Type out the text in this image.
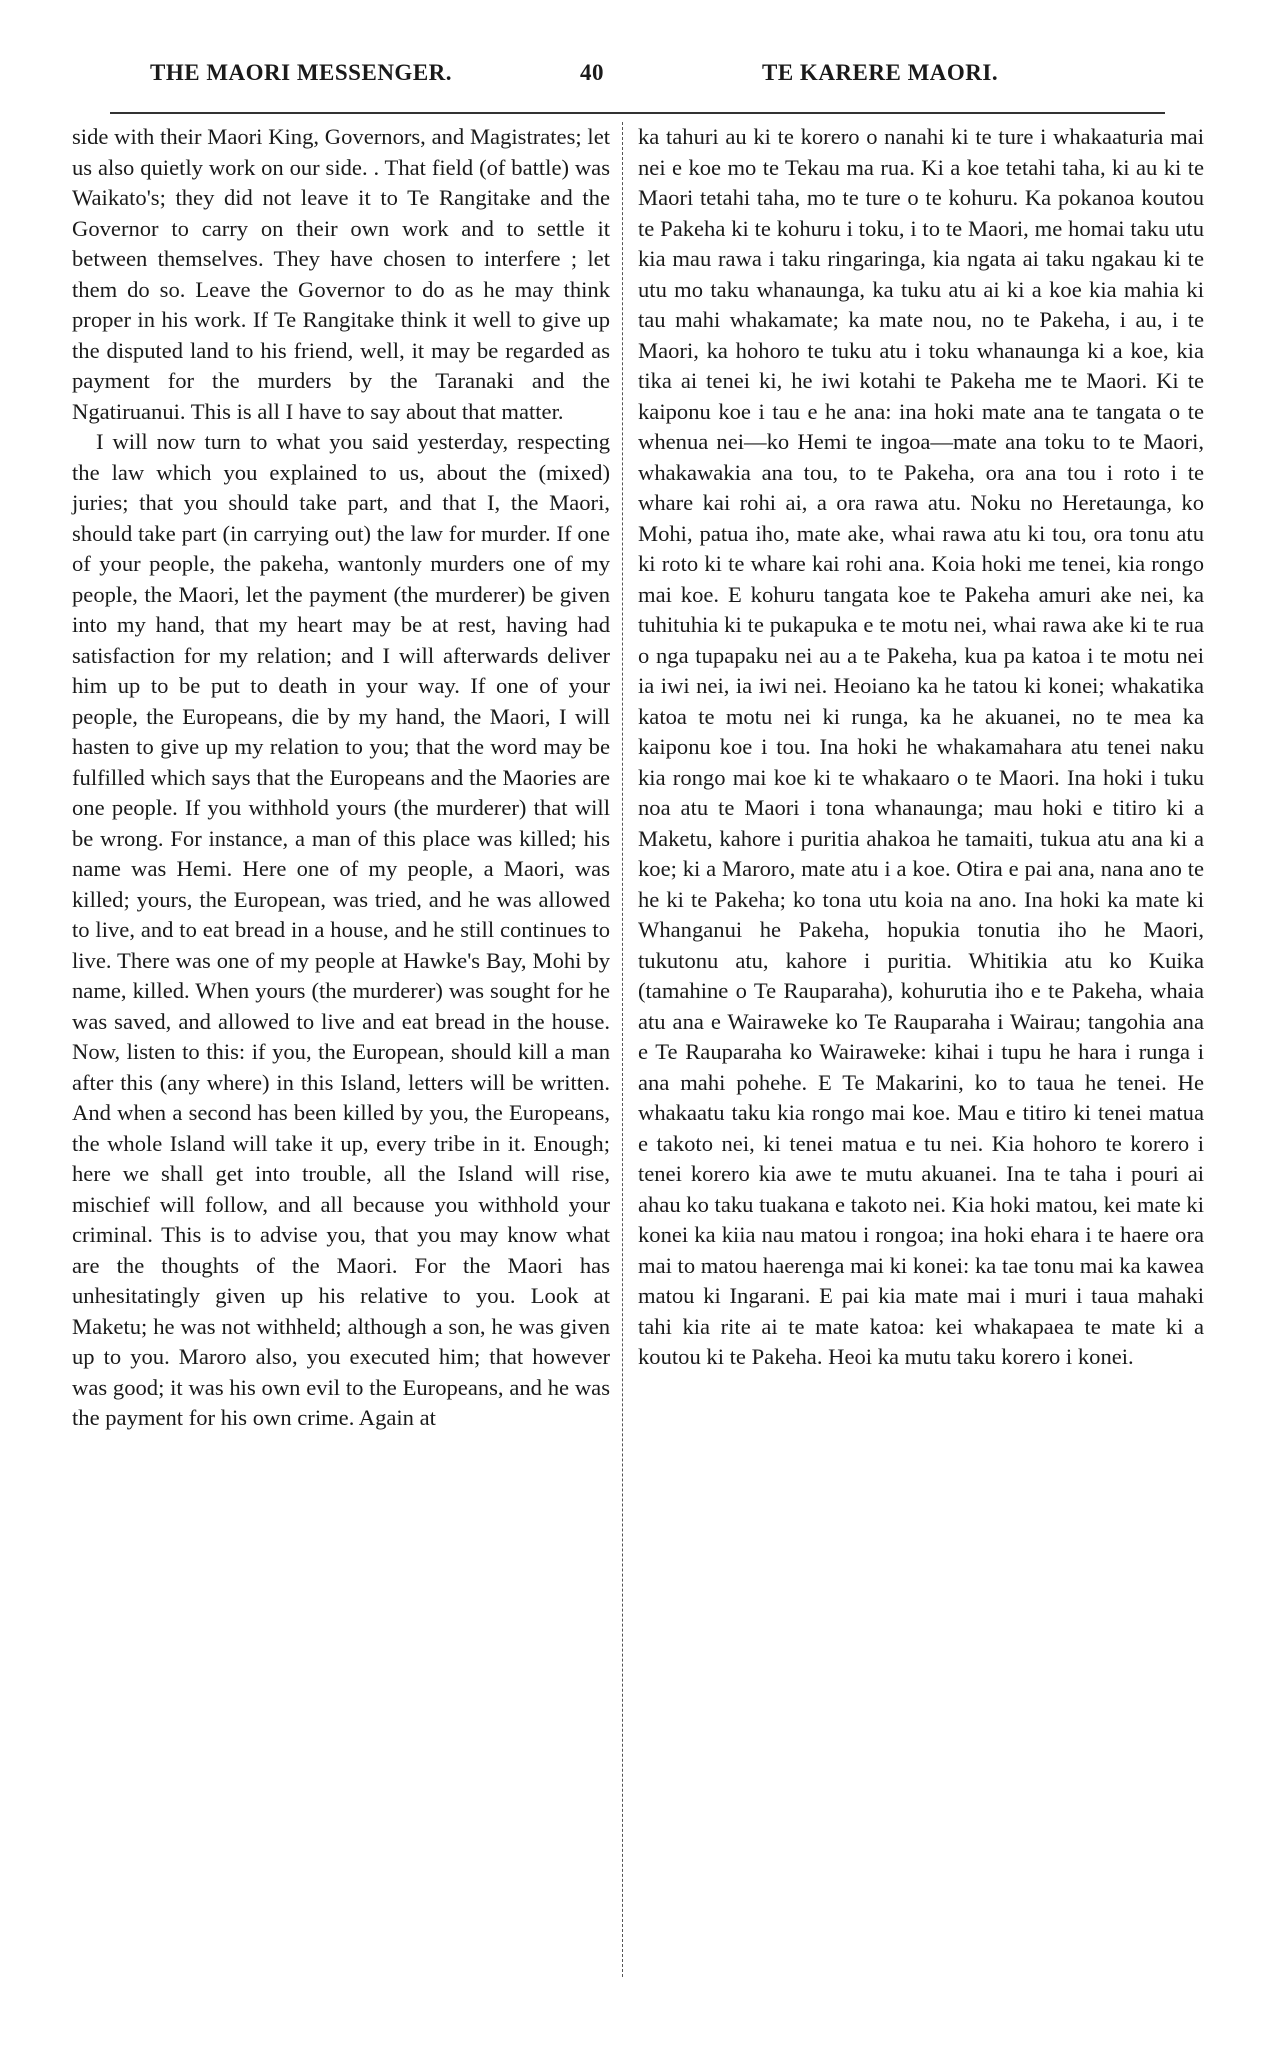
THE MAORI MESSENGER.	40	TE KARERE MAORI.

side with their Maori King, Governors, and Magistrates; let us also quietly work on our side. . That field (of battle) was Waikato's; they did not leave it to Te Rangitake and the Governor to carry on their own work and to settle it between themselves. They have chosen to interfere ; let them do so. Leave the Governor to do as he may think proper in his work. If Te Rangitake think it well to give up the disputed land to his friend, well, it may be regarded as payment for the murders by the Taranaki and the Ngatiruanui. This is all I have to say about that matter.

I will now turn to what you said yesterday, respecting the law which you explained to us, about the (mixed) juries; that you should take part, and that I, the Maori, should take part (in carrying out) the law for murder. If one of your people, the pakeha, wantonly murders one of my people, the Maori, let the payment (the murderer) be given into my hand, that my heart may be at rest, having had satisfaction for my relation; and I will afterwards deliver him up to be put to death in your way. If one of your people, the Europeans, die by my hand, the Maori, I will hasten to give up my relation to you; that the word may be fulfilled which says that the Europeans and the Maories are one people. If you withhold yours (the murderer) that will be wrong. For instance, a man of this place was killed; his name was Hemi. Here one of my people, a Maori, was killed; yours, the European, was tried, and he was allowed to live, and to eat bread in a house, and he still continues to live. There was one of my people at Hawke's Bay, Mohi by name, killed. When yours (the murderer) was sought for he was saved, and allowed to live and eat bread in the house. Now, listen to this: if you, the European, should kill a man after this (any where) in this Island, letters will be written. And when a second has been killed by you, the Europeans, the whole Island will take it up, every tribe in it. Enough; here we shall get into trouble, all the Island will rise, mischief will follow, and all because you withhold your criminal. This is to advise you, that you may know what are the thoughts of the Maori. For the Maori has unhesitatingly given up his relative to you. Look at Maketu; he was not withheld; although a son, he was given up to you. Maroro also, you executed him; that however was good; it was his own evil to the Europeans, and he was the payment for his own crime. Again at

ka tahuri au ki te korero o nanahi ki te ture i whakaaturia mai nei e koe mo te Tekau ma rua. Ki a koe tetahi taha, ki au ki te Maori tetahi taha, mo te ture o te kohuru. Ka pokanoa koutou te Pakeha ki te kohuru i toku, i to te Maori, me homai taku utu kia mau rawa i taku ringaringa, kia ngata ai taku ngakau ki te utu mo taku whanaunga, ka tuku atu ai ki a koe kia mahia ki tau mahi whakamate; ka mate nou, no te Pakeha, i au, i te Maori, ka hohoro te tuku atu i toku whanaunga ki a koe, kia tika ai tenei ki, he iwi kotahi te Pakeha me te Maori. Ki te kaiponu koe i tau e he ana: ina hoki mate ana te tangata o te whenua nei—ko Hemi te ingoa—mate ana toku to te Maori, whakawakia ana tou, to te Pakeha, ora ana tou i roto i te whare kai rohi ai, a ora rawa atu. Noku no Heretaunga, ko Mohi, patua iho, mate ake, whai rawa atu ki tou, ora tonu atu ki roto ki te whare kai rohi ana. Koia hoki me tenei, kia rongo mai koe. E kohuru tangata koe te Pakeha amuri ake nei, ka tuhituhia ki te pukapuka e te motu nei, whai rawa ake ki te rua o nga tupapaku nei au a te Pakeha, kua pa katoa i te motu nei ia iwi nei, ia iwi nei. Heoiano ka he tatou ki konei; whakatika katoa te motu nei ki runga, ka he akuanei, no te mea ka kaiponu koe i tou. Ina hoki he whakamahara atu tenei naku kia rongo mai koe ki te whakaaro o te Maori. Ina hoki i tuku noa atu te Maori i tona whanaunga; mau hoki e titiro ki a Maketu, kahore i puritia ahakoa he tamaiti, tukua atu ana ki a koe; ki a Maroro, mate atu i a koe. Otira e pai ana, nana ano te he ki te Pakeha; ko tona utu koia na ano. Ina hoki ka mate ki Whanganui he Pakeha, hopukia tonutia iho he Maori, tukutonu atu, kahore i puritia. Whitikia atu ko Kuika (tamahine o Te Rauparaha), kohurutia iho e te Pakeha, whaia atu ana e Wairaweke ko Te Rauparaha i Wairau; tangohia ana e Te Rauparaha ko Wairaweke: kihai i tupu he hara i runga i ana mahi pohehe. E Te Makarini, ko to taua he tenei. He whakaatu taku kia rongo mai koe. Mau e titiro ki tenei matua e takoto nei, ki tenei matua e tu nei. Kia hohoro te korero i tenei korero kia awe te mutu akuanei. Ina te taha i pouri ai ahau ko taku tuakana e takoto nei. Kia hoki matou, kei mate ki konei ka kiia nau matou i rongoa; ina hoki ehara i te haere ora mai to matou haerenga mai ki konei: ka tae tonu mai ka kawea matou ki Ingarani. E pai kia mate mai i muri i taua mahaki tahi kia rite ai te mate katoa: kei whakapaea te mate ki a koutou ki te Pakeha. Heoi ka mutu taku korero i konei.
